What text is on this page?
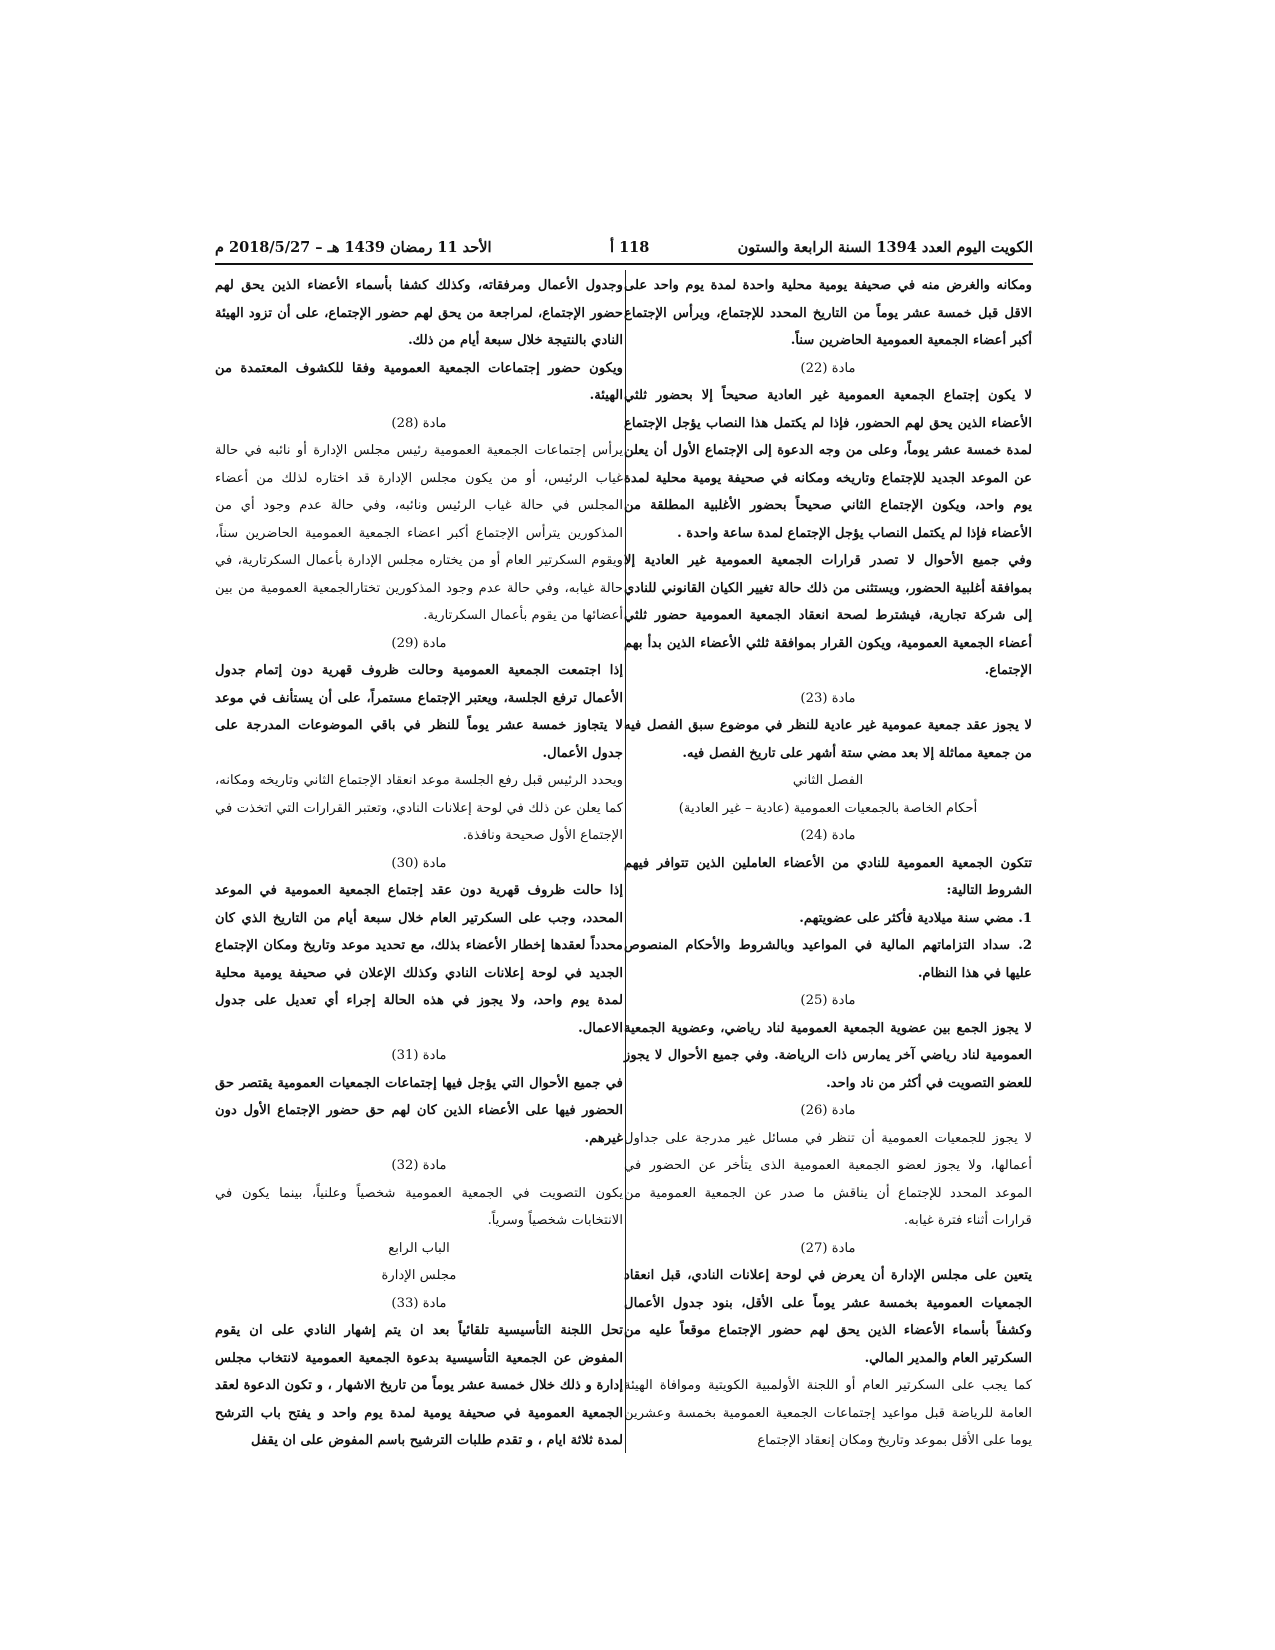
الكويت اليوم العدد 1394 السنة الرابعة والستون
118 أ
الأحد 11 رمضان 1439 هـ – 2018/5/27 م
ومكانه والغرض منه في صحيفة يومية محلية واحدة لمدة يوم واحد على الاقل قبل خمسة عشر يوماً من التاريخ المحدد للإجتماع، ويرأس الإجتماع أكبر أعضاء الجمعية العمومية الحاضرين سناً.
مادة (22)
لا يكون إجتماع الجمعية العمومية غير العادية صحيحاً إلا بحضور ثلثي الأعضاء الذين يحق لهم الحضور، فإذا لم يكتمل هذا النصاب يؤجل الإجتماع لمدة خمسة عشر يوماً، وعلى من وجه الدعوة إلى الإجتماع الأول أن يعلن عن الموعد الجديد للإجتماع وتاريخه ومكانه في صحيفة يومية محلية لمدة يوم واحد، ويكون الإجتماع الثاني صحيحاً بحضور الأغلبية المطلقة من الأعضاء فإذا لم يكتمل النصاب يؤجل الإجتماع لمدة ساعة واحدة .
وفي جميع الأحوال لا تصدر قرارات الجمعية العمومية غير العادية إلا بموافقة أغلبية الحضور، ويستثنى من ذلك حالة تغيير الكيان القانوني للنادي إلى شركة تجارية، فيشترط لصحة انعقاد الجمعية العمومية حضور ثلثي أعضاء الجمعية العمومية، ويكون القرار بموافقة ثلثي الأعضاء الذين بدأ بهم الإجتماع.
مادة (23)
لا يجوز عقد جمعية عمومية غير عادية للنظر في موضوع سبق الفصل فيه من جمعية مماثلة إلا بعد مضي ستة أشهر على تاريخ الفصل فيه.
الفصل الثاني
أحكام الخاصة بالجمعيات العمومية (عادية – غير العادية)
مادة (24)
تتكون الجمعية العمومية للنادي من الأعضاء العاملين الذين تتوافر فيهم الشروط التالية:
1. مضي سنة ميلادية فأكثر على عضويتهم.
2. سداد التزاماتهم المالية في المواعيد وبالشروط والأحكام المنصوص عليها في هذا النظام.
مادة (25)
لا يجوز الجمع بين عضوية الجمعية العمومية لناد رياضي، وعضوية الجمعية العمومية لناد رياضي آخر يمارس ذات الرياضة. وفي جميع الأحوال لا يجوز للعضو التصويت في أكثر من ناد واحد.
مادة (26)
لا يجوز للجمعيات العمومية أن تنظر في مسائل غير مدرجة على جداول أعمالها، ولا يجوز لعضو الجمعية العمومية الذى يتأخر عن الحضور في الموعد المحدد للإجتماع أن يناقش ما صدر عن الجمعية العمومية من قرارات أثناء فترة غيابه.
مادة (27)
يتعين على مجلس الإدارة أن يعرض في لوحة إعلانات النادي، قبل انعقاد الجمعيات العمومية بخمسة عشر يوماً على الأقل، بنود جدول الأعمال وكشفاً بأسماء الأعضاء الذين يحق لهم حضور الإجتماع موقعاً عليه من السكرتير العام والمدير المالي.
كما يجب على السكرتير العام أو اللجنة الأولمبية الكويتية وموافاة الهيئة العامة للرياضة قبل مواعيد إجتماعات الجمعية العمومية بخمسة وعشرين يوما على الأقل بموعد وتاريخ ومكان إنعقاد الإجتماع
وجدول الأعمال ومرفقاته، وكذلك كشفا بأسماء الأعضاء الذين يحق لهم حضور الإجتماع، لمراجعة من يحق لهم حضور الإجتماع، على أن تزود الهيئة النادي بالنتيجة خلال سبعة أيام من ذلك.
ويكون حضور إجتماعات الجمعية العمومية وفقا للكشوف المعتمدة من الهيئة.
مادة (28)
يرأس إجتماعات الجمعية العمومية رئيس مجلس الإدارة أو نائبه في حالة غياب الرئيس، أو من يكون مجلس الإدارة قد اختاره لذلك من أعضاء المجلس في حالة غياب الرئيس ونائبه، وفي حالة عدم وجود أي من المذكورين يترأس الإجتماع أكبر اعضاء الجمعية العمومية الحاضرين سناً، ويقوم السكرتير العام أو من يختاره مجلس الإدارة بأعمال السكرتارية، في حالة غيابه، وفي حالة عدم وجود المذكورين تختارالجمعية العمومية من بين أعضائها من يقوم بأعمال السكرتارية.
مادة (29)
إذا اجتمعت الجمعية العمومية وحالت ظروف قهرية دون إتمام جدول الأعمال ترفع الجلسة، ويعتبر الإجتماع مستمراً، على أن يستأنف في موعد لا يتجاوز خمسة عشر يوماً للنظر في باقي الموضوعات المدرجة على جدول الأعمال.
ويحدد الرئيس قبل رفع الجلسة موعد انعقاد الإجتماع الثاني وتاريخه ومكانه، كما يعلن عن ذلك في لوحة إعلانات النادي، وتعتبر القرارات التي اتخذت في الإجتماع الأول صحيحة ونافذة.
مادة (30)
إذا حالت ظروف قهرية دون عقد إجتماع الجمعية العمومية في الموعد المحدد، وجب على السكرتير العام خلال سبعة أيام من التاريخ الذي كان محدداً لعقدها إخطار الأعضاء بذلك، مع تحديد موعد وتاريخ ومكان الإجتماع الجديد في لوحة إعلانات النادي وكذلك الإعلان في صحيفة يومية محلية لمدة يوم واحد، ولا يجوز في هذه الحالة إجراء أي تعديل على جدول الاعمال.
مادة (31)
في جميع الأحوال التي يؤجل فيها إجتماعات الجمعيات العمومية يقتصر حق الحضور فيها على الأعضاء الذين كان لهم حق حضور الإجتماع الأول دون غيرهم.
مادة (32)
يكون التصويت في الجمعية العمومية شخصياً وعلنياً، بينما يكون في الانتخابات شخصياً وسرياً.
الباب الرابع
مجلس الإدارة
مادة (33)
تحل اللجنة التأسيسية تلقائياً بعد ان يتم إشهار النادي على ان يقوم المفوض عن الجمعية التأسيسية بدعوة الجمعية العمومية لانتخاب مجلس إدارة و ذلك خلال خمسة عشر يوماً من تاريخ الاشهار ، و تكون الدعوة لعقد الجمعية العمومية في صحيفة يومية لمدة يوم واحد و يفتح باب الترشح لمدة ثلاثة ايام ، و تقدم طلبات الترشيح باسم المفوض على ان يقفل
